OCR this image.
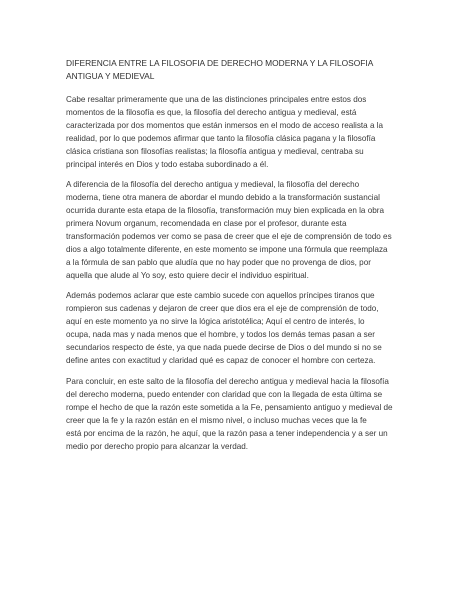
DIFERENCIA ENTRE LA FILOSOFIA DE DERECHO MODERNA Y LA FILOSOFIA
ANTIGUA Y MEDIEVAL

Cabe resaltar primeramente que una de las distinciones principales entre estos dos
momentos de la filosofía es que, la filosofía del derecho antigua y medieval, está
caracterizada por dos momentos que están inmersos en el modo de acceso realista a la
realidad, por lo que podemos afirmar que tanto la filosofía clásica pagana y la filosofía
clásica cristiana son filosofías realistas; la filosofía antigua y medieval, centraba su
principal interés en Dios y todo estaba subordinado a él.

A diferencia de la filosofía del derecho antigua y medieval, la filosofía del derecho
moderna, tiene otra manera de abordar el mundo debido a la transformación sustancial
ocurrida durante esta etapa de la filosofía, transformación muy bien explicada en la obra
primera Novum organum, recomendada en clase por el profesor, durante esta
transformación podemos ver como se pasa de creer que el eje de comprensión de todo es
dios a algo totalmente diferente, en este momento se impone una fórmula que reemplaza
a la fórmula de san pablo que aludía que no hay poder que no provenga de dios, por
aquella que alude al Yo soy, esto quiere decir el individuo espiritual.

Además podemos aclarar que este cambio sucede con aquellos príncipes tiranos que
rompieron sus cadenas y dejaron de creer que dios era el eje de comprensión de todo,
aquí en este momento ya no sirve la lógica aristotélica; Aquí el centro de interés, lo
ocupa, nada mas y nada menos que el hombre, y todos los demás temas pasan a ser
secundarios respecto de éste, ya que nada puede decirse de Dios o del mundo si no se
define antes con exactitud y claridad qué es capaz de conocer el hombre con certeza.

Para concluir, en este salto de la filosofía del derecho antigua y medieval hacia la filosofía
del derecho moderna, puedo entender con claridad que con la llegada de esta última se
rompe el hecho de que la razón este sometida a la Fe, pensamiento antiguo y medieval de
creer que la fe y la razón están en el mismo nivel, o incluso muchas veces que la fe
está por encima de la razón, he aquí, que la razón pasa a tener independencia y a ser un
medio por derecho propio para alcanzar la verdad.
